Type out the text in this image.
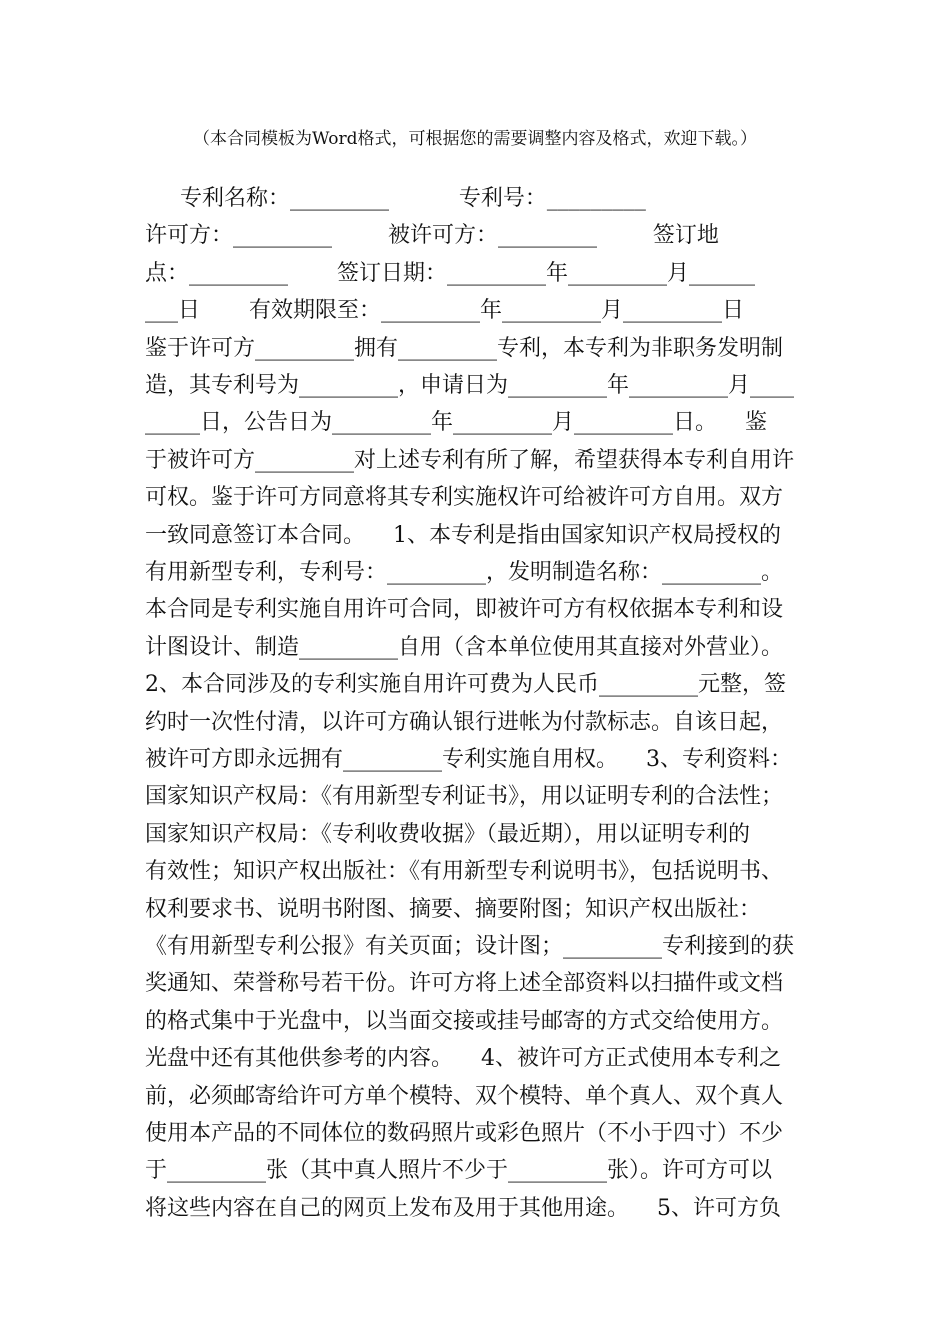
（本合同模板为Word格式，可根据您的需要调整内容及格式，欢迎下载。）
专利名称：_________          专利号：_________
许可方：_________        被许可方：_________        签订地
点：_________       签订日期：_________年_________月______
___日       有效期限至：_________年_________月_________日
鉴于许可方_________拥有_________专利，本专利为非职务发明制
造，其专利号为_________，申请日为_________年_________月____
_____日，公告日为_________年_________月_________日。    鉴
于被许可方_________对上述专利有所了解，希望获得本专利自用许
可权。鉴于许可方同意将其专利实施权许可给被许可方自用。双方
一致同意签订本合同。    1、本专利是指由国家知识产权局授权的
有用新型专利，专利号：_________，发明制造名称：_________。
本合同是专利实施自用许可合同，即被许可方有权依据本专利和设
计图设计、制造_________自用（含本单位使用其直接对外营业）。
2、本合同涉及的专利实施自用许可费为人民币_________元整，签
约时一次性付清，以许可方确认银行进帐为付款标志。自该日起，
被许可方即永远拥有_________专利实施自用权。    3、专利资料：
国家知识产权局：《有用新型专利证书》，用以证明专利的合法性；
国家知识产权局：《专利收费收据》（最近期），用以证明专利的
有效性；知识产权出版社：《有用新型专利说明书》，包括说明书、
权利要求书、说明书附图、摘要、摘要附图；知识产权出版社：
《有用新型专利公报》有关页面；设计图；_________专利接到的获
奖通知、荣誉称号若干份。许可方将上述全部资料以扫描件或文档
的格式集中于光盘中，以当面交接或挂号邮寄的方式交给使用方。
光盘中还有其他供参考的内容。    4、被许可方正式使用本专利之
前，必须邮寄给许可方单个模特、双个模特、单个真人、双个真人
使用本产品的不同体位的数码照片或彩色照片（不小于四寸）不少
于_________张（其中真人照片不少于_________张）。许可方可以
将这些内容在自己的网页上发布及用于其他用途。    5、许可方负
